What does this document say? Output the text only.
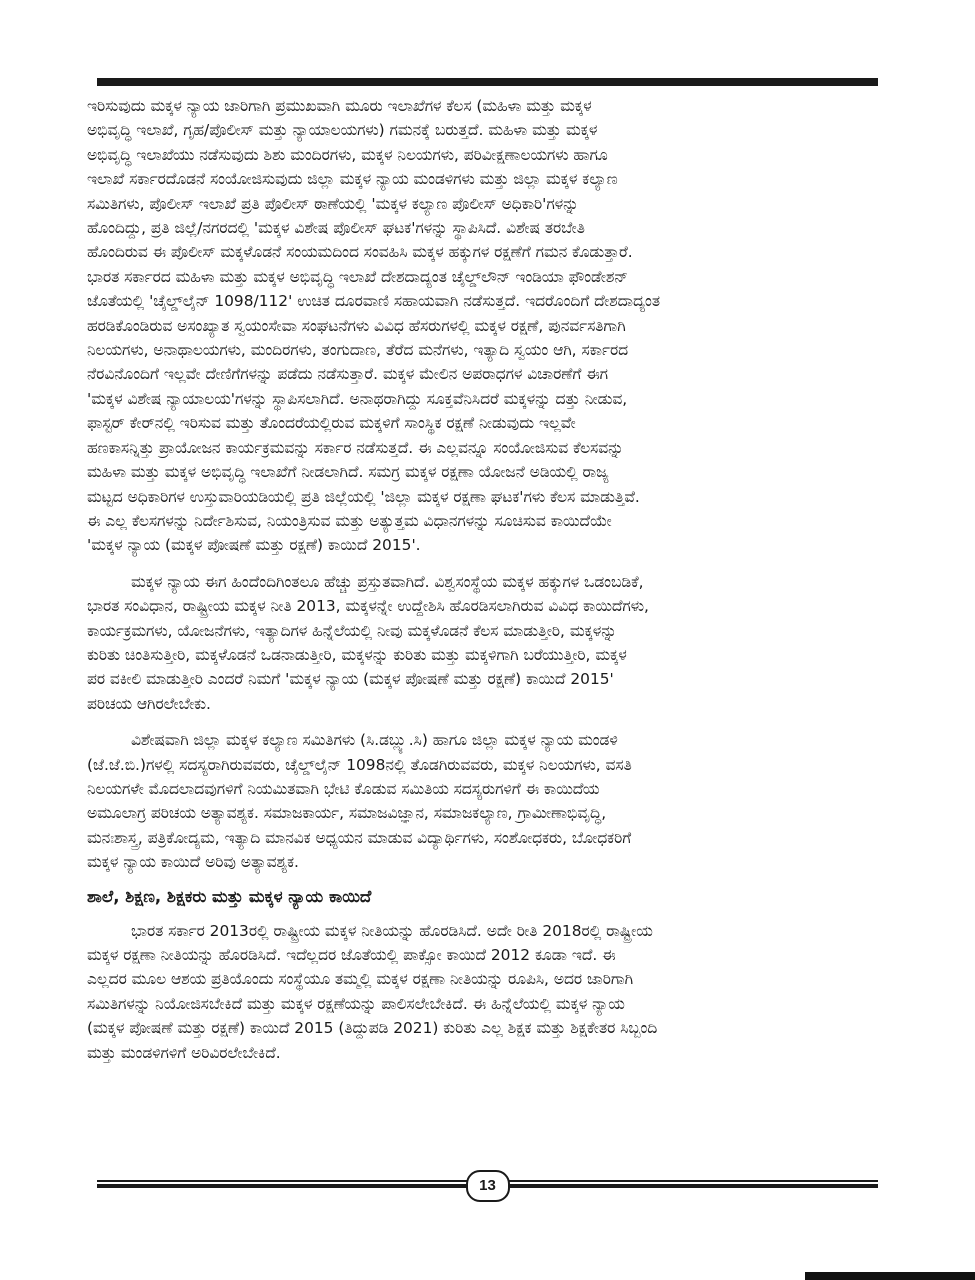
ಇರಿಸುವುದು ಮಕ್ಕಳ ನ್ಯಾಯ ಜಾರಿಗಾಗಿ ಪ್ರಮುಖವಾಗಿ ಮೂರು ಇಲಾಖೆಗಳ ಕೆಲಸ (ಮಹಿಳಾ ಮತ್ತು ಮಕ್ಕಳ
ಅಭಿವೃದ್ಧಿ ಇಲಾಖೆ, ಗೃಹ/ಪೊಲೀಸ್ ಮತ್ತು ನ್ಯಾಯಾಲಯಗಳು) ಗಮನಕ್ಕೆ ಬರುತ್ತದೆ. ಮಹಿಳಾ ಮತ್ತು ಮಕ್ಕಳ
ಅಭಿವೃದ್ಧಿ ಇಲಾಖೆಯು ನಡೆಸುವುದು ಶಿಶು ಮಂದಿರಗಳು, ಮಕ್ಕಳ ನಿಲಯಗಳು, ಪರಿವೀಕ್ಷಣಾಲಯಗಳು ಹಾಗೂ
ಇಲಾಖೆ ಸರ್ಕಾರದೊಡನೆ ಸಂಯೋಜಿಸುವುದು ಜಿಲ್ಲಾ ಮಕ್ಕಳ ನ್ಯಾಯ ಮಂಡಳಿಗಳು ಮತ್ತು ಜಿಲ್ಲಾ ಮಕ್ಕಳ ಕಲ್ಯಾಣ
ಸಮಿತಿಗಳು, ಪೊಲೀಸ್ ಇಲಾಖೆ ಪ್ರತಿ ಪೊಲೀಸ್ ಠಾಣೆಯಲ್ಲಿ 'ಮಕ್ಕಳ ಕಲ್ಯಾಣ ಪೊಲೀಸ್ ಅಧಿಕಾರಿ'ಗಳನ್ನು
ಹೊಂದಿದ್ದು, ಪ್ರತಿ ಜಿಲ್ಲೆ/ನಗರದಲ್ಲಿ 'ಮಕ್ಕಳ ವಿಶೇಷ ಪೊಲೀಸ್ ಘಟಕ'ಗಳನ್ನು ಸ್ಥಾಪಿಸಿದೆ. ವಿಶೇಷ ತರಬೇತಿ
ಹೊಂದಿರುವ ಈ ಪೊಲೀಸ್ ಮಕ್ಕಳೊಡನೆ ಸಂಯಮದಿಂದ ಸಂವಹಿಸಿ ಮಕ್ಕಳ ಹಕ್ಕುಗಳ ರಕ್ಷಣೆಗೆ ಗಮನ ಕೊಡುತ್ತಾರೆ.
ಭಾರತ ಸರ್ಕಾರದ ಮಹಿಳಾ ಮತ್ತು ಮಕ್ಕಳ ಅಭಿವೃದ್ಧಿ ಇಲಾಖೆ ದೇಶದಾದ್ಯಂತ ಚೈಲ್ಡ್‌ಲೌನ್ ಇಂಡಿಯಾ ಫೌಂಡೇಶನ್
ಜೊತೆಯಲ್ಲಿ 'ಚೈಲ್ಡ್‌ಲೈನ್ 1098/112' ಉಚಿತ ದೂರವಾಣಿ ಸಹಾಯವಾಗಿ ನಡೆಸುತ್ತದೆ. ಇದರೊಂದಿಗೆ ದೇಶದಾದ್ಯಂತ
ಹರಡಿಕೊಂಡಿರುವ ಅಸಂಖ್ಯಾತ ಸ್ವಯಂಸೇವಾ ಸಂಘಟನೆಗಳು ವಿವಿಧ ಹೆಸರುಗಳಲ್ಲಿ ಮಕ್ಕಳ ರಕ್ಷಣೆ, ಪುನರ್ವಸತಿಗಾಗಿ
ನಿಲಯಗಳು, ಅನಾಥಾಲಯಗಳು, ಮಂದಿರಗಳು, ತಂಗುದಾಣ, ತೆರೆದ ಮನೆಗಳು, ಇತ್ಯಾದಿ ಸ್ವಯಂ ಆಗಿ, ಸರ್ಕಾರದ
ನೆರವಿನೊಂದಿಗೆ ಇಲ್ಲವೇ ದೇಣಿಗೆಗಳನ್ನು ಪಡೆದು ನಡೆಸುತ್ತಾರೆ. ಮಕ್ಕಳ ಮೇಲಿನ ಅಪರಾಧಗಳ ವಿಚಾರಣೆಗೆ ಈಗ
'ಮಕ್ಕಳ ವಿಶೇಷ ನ್ಯಾಯಾಲಯ'ಗಳನ್ನು ಸ್ಥಾಪಿಸಲಾಗಿದೆ. ಅನಾಥರಾಗಿದ್ದು ಸೂಕ್ತವೆನಿಸಿದರೆ ಮಕ್ಕಳನ್ನು ದತ್ತು ನೀಡುವ,
ಫಾಸ್ಟರ್ ಕೇರ್‌ನಲ್ಲಿ ಇರಿಸುವ ಮತ್ತು ತೊಂದರೆಯಲ್ಲಿರುವ ಮಕ್ಕಳಿಗೆ ಸಾಂಸ್ಥಿಕ ರಕ್ಷಣೆ ನೀಡುವುದು ಇಲ್ಲವೇ
ಹಣಕಾಸನ್ನಿತ್ತು ಪ್ರಾಯೋಜನ ಕಾರ್ಯಕ್ರಮವನ್ನು ಸರ್ಕಾರ ನಡೆಸುತ್ತದೆ. ಈ ಎಲ್ಲವನ್ನೂ ಸಂಯೋಜಿಸುವ ಕೆಲಸವನ್ನು
ಮಹಿಳಾ ಮತ್ತು ಮಕ್ಕಳ ಅಭಿವೃದ್ಧಿ ಇಲಾಖೆಗೆ ನೀಡಲಾಗಿದೆ. ಸಮಗ್ರ ಮಕ್ಕಳ ರಕ್ಷಣಾ ಯೋಜನೆ ಅಡಿಯಲ್ಲಿ ರಾಜ್ಯ
ಮಟ್ಟದ ಅಧಿಕಾರಿಗಳ ಉಸ್ತುವಾರಿಯಡಿಯಲ್ಲಿ ಪ್ರತಿ ಜಿಲ್ಲೆಯಲ್ಲಿ 'ಜಿಲ್ಲಾ ಮಕ್ಕಳ ರಕ್ಷಣಾ ಘಟಕ'ಗಳು ಕೆಲಸ ಮಾಡುತ್ತಿವೆ.
ಈ ಎಲ್ಲ ಕೆಲಸಗಳನ್ನು ನಿರ್ದೇಶಿಸುವ, ನಿಯಂತ್ರಿಸುವ ಮತ್ತು ಅತ್ಯುತ್ತಮ ವಿಧಾನಗಳನ್ನು ಸೂಚಿಸುವ ಕಾಯಿದೆಯೇ
'ಮಕ್ಕಳ ನ್ಯಾಯ (ಮಕ್ಕಳ ಪೋಷಣೆ ಮತ್ತು ರಕ್ಷಣೆ) ಕಾಯಿದೆ 2015'.

ಮಕ್ಕಳ ನ್ಯಾಯ ಈಗ ಹಿಂದೆಂದಿಗಿಂತಲೂ ಹೆಚ್ಚು ಪ್ರಸ್ತುತವಾಗಿದೆ. ವಿಶ್ವಸಂಸ್ಥೆಯ ಮಕ್ಕಳ ಹಕ್ಕುಗಳ ಒಡಂಬಡಿಕೆ,
ಭಾರತ ಸಂವಿಧಾನ, ರಾಷ್ಟ್ರೀಯ ಮಕ್ಕಳ ನೀತಿ 2013, ಮಕ್ಕಳನ್ನೇ ಉದ್ದೇಶಿಸಿ ಹೊರಡಿಸಲಾಗಿರುವ ವಿವಿಧ ಕಾಯಿದೆಗಳು,
ಕಾರ್ಯಕ್ರಮಗಳು, ಯೋಜನೆಗಳು, ಇತ್ಯಾದಿಗಳ ಹಿನ್ನೆಲೆಯಲ್ಲಿ ನೀವು ಮಕ್ಕಳೊಡನೆ ಕೆಲಸ ಮಾಡುತ್ತೀರಿ, ಮಕ್ಕಳನ್ನು
ಕುರಿತು ಚಿಂತಿಸುತ್ತೀರಿ, ಮಕ್ಕಳೊಡನೆ ಒಡನಾಡುತ್ತೀರಿ, ಮಕ್ಕಳನ್ನು ಕುರಿತು ಮತ್ತು ಮಕ್ಕಳಿಗಾಗಿ ಬರೆಯುತ್ತೀರಿ, ಮಕ್ಕಳ
ಪರ ವಕೀಲಿ ಮಾಡುತ್ತೀರಿ ಎಂದರೆ ನಿಮಗೆ 'ಮಕ್ಕಳ ನ್ಯಾಯ (ಮಕ್ಕಳ ಪೋಷಣೆ ಮತ್ತು ರಕ್ಷಣೆ) ಕಾಯಿದೆ 2015'
ಪರಿಚಯ ಆಗಿರಲೇಬೇಕು.

ವಿಶೇಷವಾಗಿ ಜಿಲ್ಲಾ ಮಕ್ಕಳ ಕಲ್ಯಾಣ ಸಮಿತಿಗಳು (ಸಿ.ಡಬ್ಲ್ಯು.ಸಿ) ಹಾಗೂ ಜಿಲ್ಲಾ ಮಕ್ಕಳ ನ್ಯಾಯ ಮಂಡಳಿ
(ಜೆ.ಜೆ.ಬಿ.)ಗಳಲ್ಲಿ ಸದಸ್ಯರಾಗಿರುವವರು, ಚೈಲ್ಡ್‌ಲೈನ್ 1098ನಲ್ಲಿ ತೊಡಗಿರುವವರು, ಮಕ್ಕಳ ನಿಲಯಗಳು, ವಸತಿ
ನಿಲಯಗಳೇ ಮೊದಲಾದವುಗಳಿಗೆ ನಿಯಮಿತವಾಗಿ ಭೇಟಿ ಕೊಡುವ ಸಮಿತಿಯ ಸದಸ್ಯರುಗಳಿಗೆ ಈ ಕಾಯಿದೆಯ
ಅಮೂಲಾಗ್ರ ಪರಿಚಯ ಅತ್ಯಾವಶ್ಯಕ. ಸಮಾಜಕಾರ್ಯ, ಸಮಾಜವಿಜ್ಞಾನ, ಸಮಾಜಕಲ್ಯಾಣ, ಗ್ರಾಮೀಣಾಭಿವೃದ್ಧಿ,
ಮನಃಶಾಸ್ತ್ರ, ಪತ್ರಿಕೋದ್ಯಮ, ಇತ್ಯಾದಿ ಮಾನವಿಕ ಅಧ್ಯಯನ ಮಾಡುವ ವಿದ್ಯಾರ್ಥಿಗಳು, ಸಂಶೋಧಕರು, ಬೋಧಕರಿಗೆ
ಮಕ್ಕಳ ನ್ಯಾಯ ಕಾಯಿದೆ ಅರಿವು ಅತ್ಯಾವಶ್ಯಕ.

ಶಾಲೆ, ಶಿಕ್ಷಣ, ಶಿಕ್ಷಕರು ಮತ್ತು ಮಕ್ಕಳ ನ್ಯಾಯ ಕಾಯಿದೆ

ಭಾರತ ಸರ್ಕಾರ 2013ರಲ್ಲಿ ರಾಷ್ಟ್ರೀಯ ಮಕ್ಕಳ ನೀತಿಯನ್ನು ಹೊರಡಿಸಿದೆ. ಅದೇ ರೀತಿ 2018ರಲ್ಲಿ ರಾಷ್ಟ್ರೀಯ
ಮಕ್ಕಳ ರಕ್ಷಣಾ ನೀತಿಯನ್ನು ಹೊರಡಿಸಿದೆ. ಇದೆಲ್ಲದರ ಜೊತೆಯಲ್ಲಿ ಪಾಕ್ಸೋ ಕಾಯಿದೆ 2012 ಕೂಡಾ ಇದೆ. ಈ
ಎಲ್ಲದರ ಮೂಲ ಆಶಯ ಪ್ರತಿಯೊಂದು ಸಂಸ್ಥೆಯೂ ತಮ್ಮಲ್ಲಿ ಮಕ್ಕಳ ರಕ್ಷಣಾ ನೀತಿಯನ್ನು ರೂಪಿಸಿ, ಅದರ ಜಾರಿಗಾಗಿ
ಸಮಿತಿಗಳನ್ನು ನಿಯೋಜಿಸಬೇಕಿದೆ ಮತ್ತು ಮಕ್ಕಳ ರಕ್ಷಣೆಯನ್ನು ಪಾಲಿಸಲೇಬೇಕಿದೆ. ಈ ಹಿನ್ನೆಲೆಯಲ್ಲಿ ಮಕ್ಕಳ ನ್ಯಾಯ
(ಮಕ್ಕಳ ಪೋಷಣೆ ಮತ್ತು ರಕ್ಷಣೆ) ಕಾಯಿದೆ 2015 (ತಿದ್ದುಪಡಿ 2021) ಕುರಿತು ಎಲ್ಲ ಶಿಕ್ಷಕ ಮತ್ತು ಶಿಕ್ಷಕೇತರ ಸಿಬ್ಬಂದಿ
ಮತ್ತು ಮಂಡಳಿಗಳಿಗೆ ಅರಿವಿರಲೇಬೇಕಿದೆ.

13
